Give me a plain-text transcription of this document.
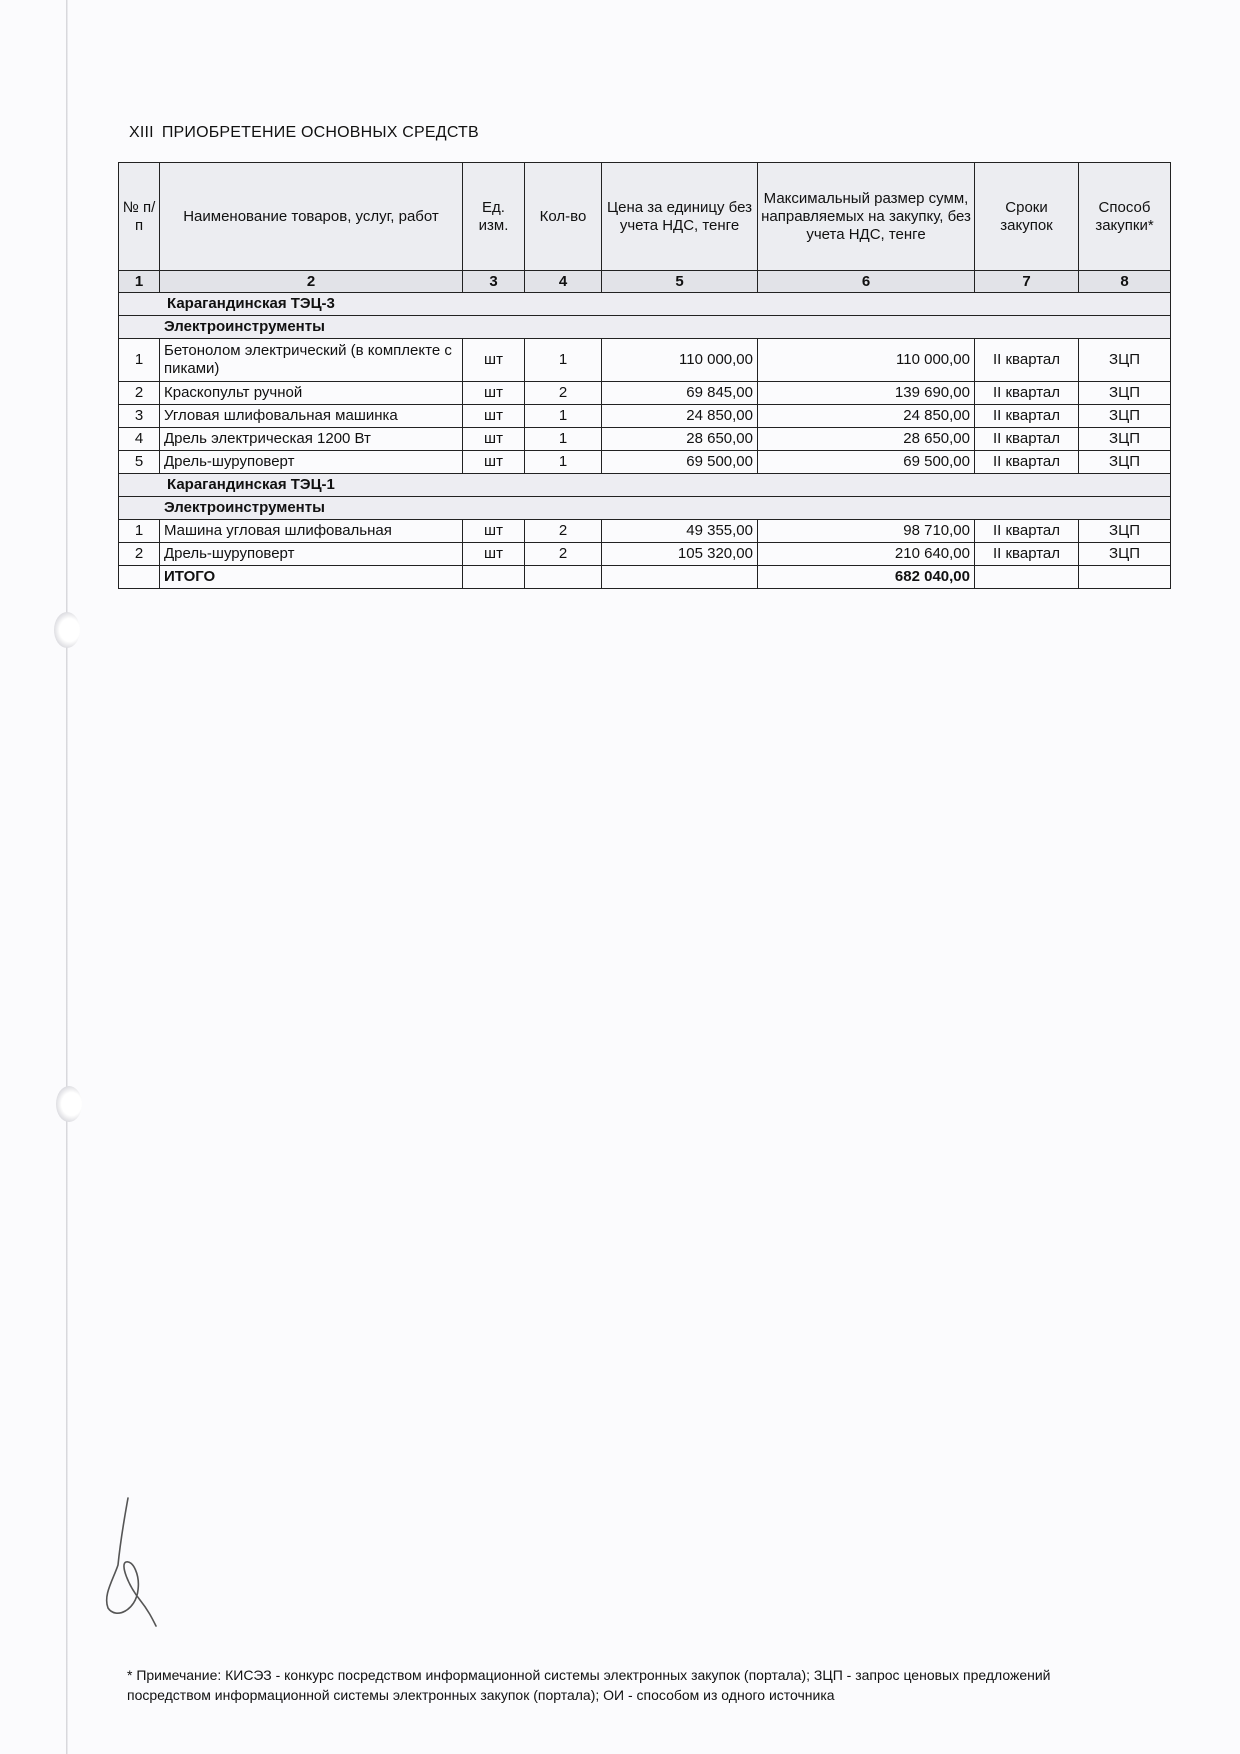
XIII ПРИОБРЕТЕНИЕ ОСНОВНЫХ СРЕДСТВ
№ п/п	Наименование товаров, услуг, работ	Ед. изм.	Кол-во	Цена за единицу без учета НДС, тенге	Максимальный размер сумм, направляемых на закупку, без учета НДС, тенге	Сроки закупок	Способ закупки*
1	2	3	4	5	6	7	8
Карагандинская ТЭЦ-3							
Электроинструменты							
1	Бетонолом электрический (в комплекте с пиками)	шт	1	110 000,00	110 000,00	II квартал	ЗЦП
2	Краскопульт ручной	шт	2	69 845,00	139 690,00	II квартал	ЗЦП
3	Угловая шлифовальная машинка	шт	1	24 850,00	24 850,00	II квартал	ЗЦП
4	Дрель электрическая 1200 Вт	шт	1	28 650,00	28 650,00	II квартал	ЗЦП
5	Дрель-шуруповерт	шт	1	69 500,00	69 500,00	II квартал	ЗЦП
Карагандинская ТЭЦ-1							
Электроинструменты							
1	Машина угловая шлифовальная	шт	2	49 355,00	98 710,00	II квартал	ЗЦП
2	Дрель-шуруповерт	шт	2	105 320,00	210 640,00	II квартал	ЗЦП
	ИТОГО				682 040,00		
* Примечание: КИСЭЗ - конкурс посредством информационной системы электронных закупок (портала); ЗЦП - запрос ценовых предложений посредством информационной системы электронных закупок (портала); ОИ - способом из одного источника
